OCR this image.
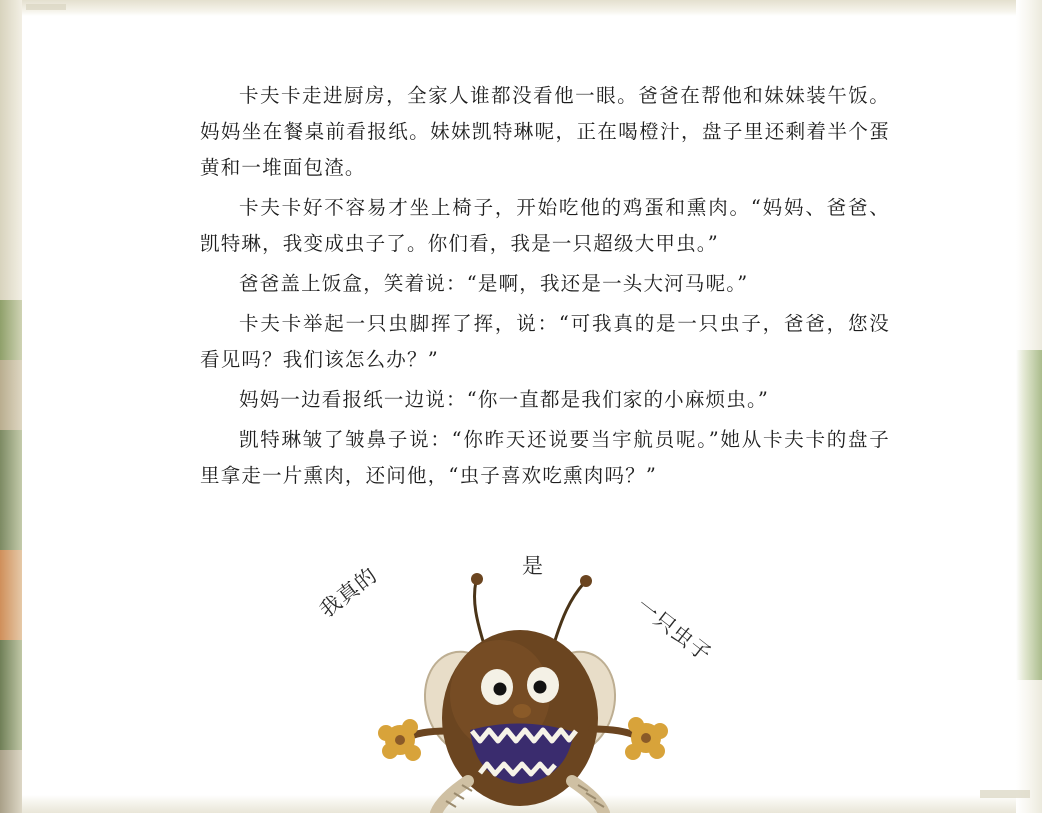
卡夫卡走进厨房，全家人谁都没看他一眼。爸爸在帮他和妹妹装午饭。妈妈坐在餐桌前看报纸。妹妹凯特琳呢，正在喝橙汁，盘子里还剩着半个蛋黄和一堆面包渣。

卡夫卡好不容易才坐上椅子，开始吃他的鸡蛋和熏肉。“妈妈、爸爸、凯特琳，我变成虫子了。你们看，我是一只超级大甲虫。”

爸爸盖上饭盒，笑着说：“是啊，我还是一头大河马呢。”

卡夫卡举起一只虫脚挥了挥，说：“可我真的是一只虫子，爸爸，您没看见吗？我们该怎么办？”

妈妈一边看报纸一边说：“你一直都是我们家的小麻烦虫。”

凯特琳皱了皱鼻子说：“你昨天还说要当宇航员呢。”她从卡夫卡的盘子里拿走一片熏肉，还问他，“虫子喜欢吃熏肉吗？”

我真的	是
一只虫子
